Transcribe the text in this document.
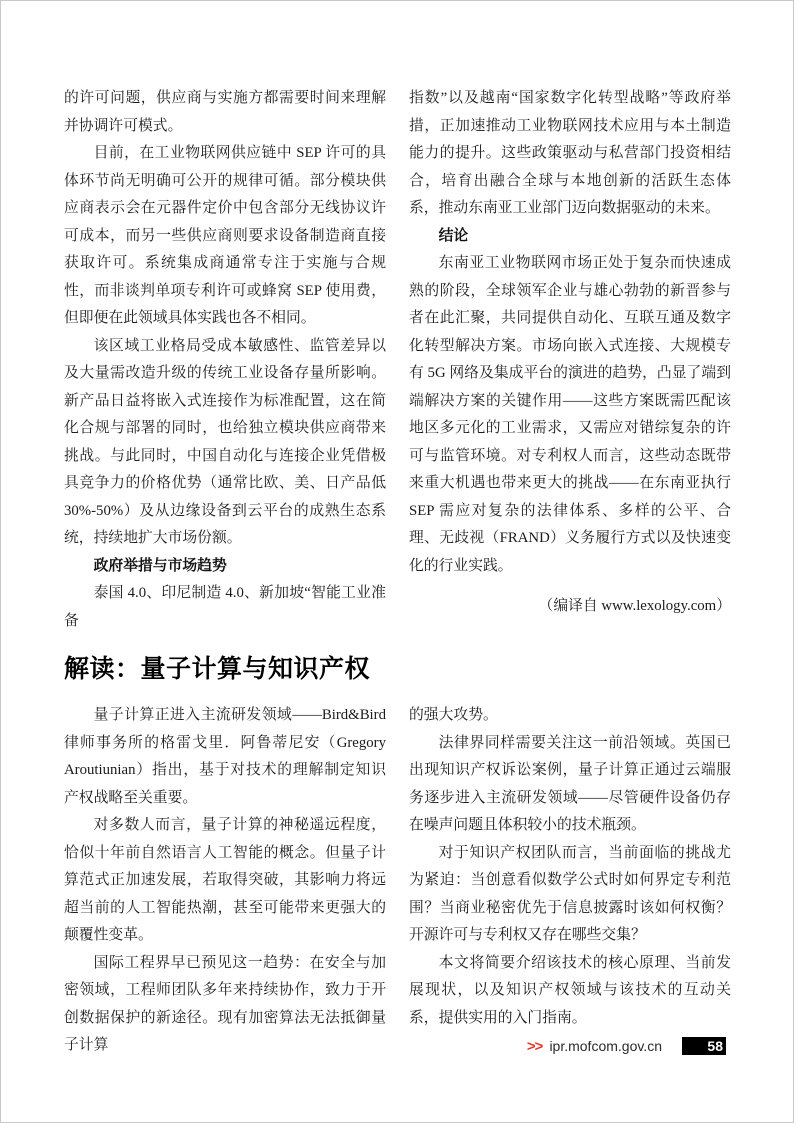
的许可问题，供应商与实施方都需要时间来理解并协调许可模式。

目前，在工业物联网供应链中 SEP 许可的具体环节尚无明确可公开的规律可循。部分模块供应商表示会在元器件定价中包含部分无线协议许可成本，而另一些供应商则要求设备制造商直接获取许可。系统集成商通常专注于实施与合规性，而非谈判单项专利许可或蜂窝 SEP 使用费，但即便在此领域具体实践也各不相同。

该区域工业格局受成本敏感性、监管差异以及大量需改造升级的传统工业设备存量所影响。新产品日益将嵌入式连接作为标准配置，这在简化合规与部署的同时，也给独立模块供应商带来挑战。与此同时，中国自动化与连接企业凭借极具竞争力的价格优势（通常比欧、美、日产品低 30%-50%）及从边缘设备到云平台的成熟生态系统，持续地扩大市场份额。

政府举措与市场趋势

泰国 4.0、印尼制造 4.0、新加坡“智能工业准备

指数”以及越南“国家数字化转型战略”等政府举措，正加速推动工业物联网技术应用与本土制造能力的提升。这些政策驱动与私营部门投资相结合，培育出融合全球与本地创新的活跃生态体系，推动东南亚工业部门迈向数据驱动的未来。

结论

东南亚工业物联网市场正处于复杂而快速成熟的阶段，全球领军企业与雄心勃勃的新晋参与者在此汇聚，共同提供自动化、互联互通及数字化转型解决方案。市场向嵌入式连接、大规模专有 5G 网络及集成平台的演进的趋势，凸显了端到端解决方案的关键作用——这些方案既需匹配该地区多元化的工业需求，又需应对错综复杂的许可与监管环境。对专利权人而言，这些动态既带来重大机遇也带来更大的挑战——在东南亚执行 SEP 需应对复杂的法律体系、多样的公平、合理、无歧视（FRAND）义务履行方式以及快速变化的行业实践。

（编译自 www.lexology.com）

解读：量子计算与知识产权

量子计算正进入主流研发领域——Bird&Bird 律师事务所的格雷戈里．阿鲁蒂尼安（Gregory Aroutiunian）指出，基于对技术的理解制定知识产权战略至关重要。

对多数人而言，量子计算的神秘遥远程度，恰似十年前自然语言人工智能的概念。但量子计算范式正加速发展，若取得突破，其影响力将远超当前的人工智能热潮，甚至可能带来更强大的颠覆性变革。

国际工程界早已预见这一趋势：在安全与加密领域，工程师团队多年来持续协作，致力于开创数据保护的新途径。现有加密算法无法抵御量子计算

的强大攻势。

法律界同样需要关注这一前沿领域。英国已出现知识产权诉讼案例，量子计算正通过云端服务逐步进入主流研发领域——尽管硬件设备仍存在噪声问题且体积较小的技术瓶颈。

对于知识产权团队而言，当前面临的挑战尤为紧迫：当创意看似数学公式时如何界定专利范围？当商业秘密优先于信息披露时该如何权衡？开源许可与专利权又存在哪些交集？

本文将简要介绍该技术的核心原理、当前发展现状，以及知识产权领域与该技术的互动关系，提供实用的入门指南。

>> ipr.mofcom.gov.cn	58
